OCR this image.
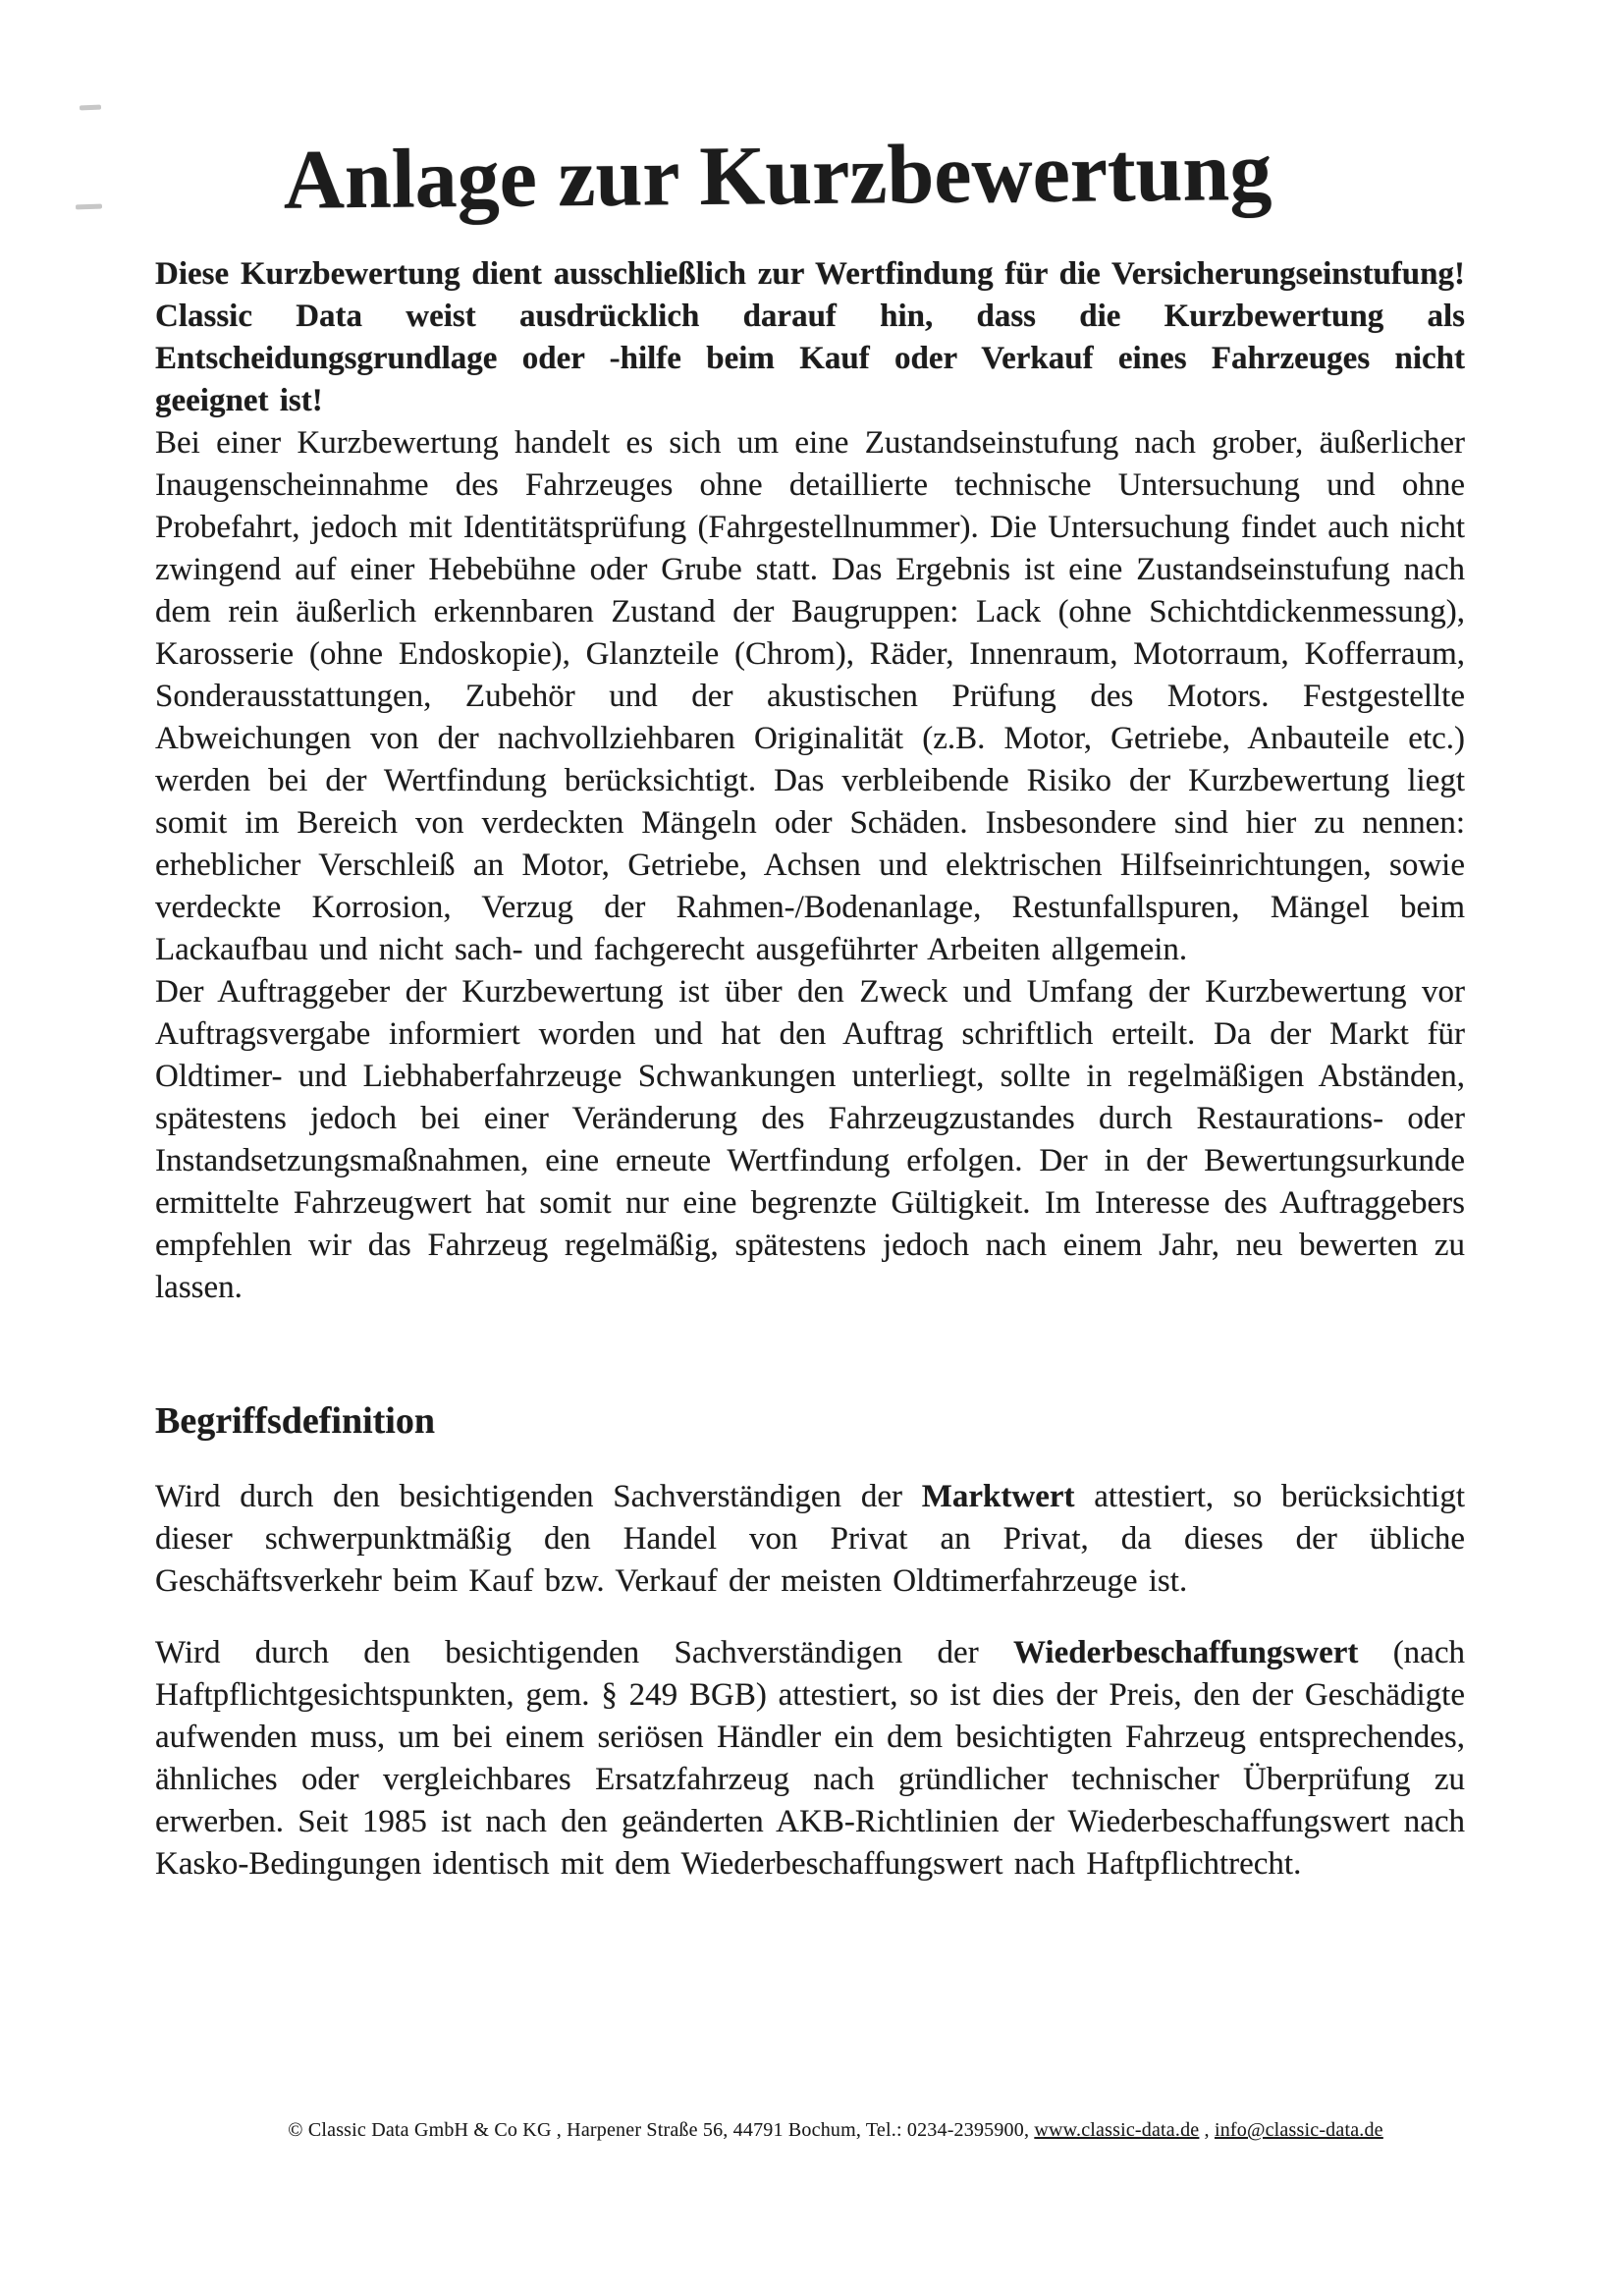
Anlage zur Kurzbewertung

Diese Kurzbewertung dient ausschließlich zur Wertfindung für die Versicherungseinstufung! Classic Data weist ausdrücklich darauf hin, dass die Kurzbewertung als Entscheidungsgrundlage oder -hilfe beim Kauf oder Verkauf eines Fahrzeuges nicht geeignet ist!

Bei einer Kurzbewertung handelt es sich um eine Zustandseinstufung nach grober, äußerlicher Inaugenscheinnahme des Fahrzeuges ohne detaillierte technische Untersuchung und ohne Probefahrt, jedoch mit Identitätsprüfung (Fahrgestellnummer). Die Untersuchung findet auch nicht zwingend auf einer Hebebühne oder Grube statt. Das Ergebnis ist eine Zustandseinstufung nach dem rein äußerlich erkennbaren Zustand der Baugruppen: Lack (ohne Schichtdickenmessung), Karosserie (ohne Endoskopie), Glanzteile (Chrom), Räder, Innenraum, Motorraum, Kofferraum, Sonderausstattungen, Zubehör und der akustischen Prüfung des Motors. Festgestellte Abweichungen von der nachvollziehbaren Originalität (z.B. Motor, Getriebe, Anbauteile etc.) werden bei der Wertfindung berücksichtigt. Das verbleibende Risiko der Kurzbewertung liegt somit im Bereich von verdeckten Mängeln oder Schäden. Insbesondere sind hier zu nennen: erheblicher Verschleiß an Motor, Getriebe, Achsen und elektrischen Hilfseinrichtungen, sowie verdeckte Korrosion, Verzug der Rahmen-/Bodenanlage, Restunfallspuren, Mängel beim Lackaufbau und nicht sach- und fachgerecht ausgeführter Arbeiten allgemein.

Der Auftraggeber der Kurzbewertung ist über den Zweck und Umfang der Kurzbewertung vor Auftragsvergabe informiert worden und hat den Auftrag schriftlich erteilt. Da der Markt für Oldtimer- und Liebhaberfahrzeuge Schwankungen unterliegt, sollte in regelmäßigen Abständen, spätestens jedoch bei einer Veränderung des Fahrzeugzustandes durch Restaurations- oder Instandsetzungsmaßnahmen, eine erneute Wertfindung erfolgen. Der in der Bewertungsurkunde ermittelte Fahrzeugwert hat somit nur eine begrenzte Gültigkeit. Im Interesse des Auftraggebers empfehlen wir das Fahrzeug regelmäßig, spätestens jedoch nach einem Jahr, neu bewerten zu lassen.

Begriffsdefinition

Wird durch den besichtigenden Sachverständigen der Marktwert attestiert, so berücksichtigt dieser schwerpunktmäßig den Handel von Privat an Privat, da dieses der übliche Geschäftsverkehr beim Kauf bzw. Verkauf der meisten Oldtimerfahrzeuge ist.

Wird durch den besichtigenden Sachverständigen der Wiederbeschaffungswert (nach Haftpflichtgesichtspunkten, gem. § 249 BGB) attestiert, so ist dies der Preis, den der Geschädigte aufwenden muss, um bei einem seriösen Händler ein dem besichtigten Fahrzeug entsprechendes, ähnliches oder vergleichbares Ersatzfahrzeug nach gründlicher technischer Überprüfung zu erwerben. Seit 1985 ist nach den geänderten AKB-Richtlinien der Wiederbeschaffungswert nach Kasko-Bedingungen identisch mit dem Wiederbeschaffungswert nach Haftpflichtrecht.

© Classic Data GmbH & Co KG , Harpener Straße 56, 44791 Bochum, Tel.: 0234-2395900, www.classic-data.de , info@classic-data.de
